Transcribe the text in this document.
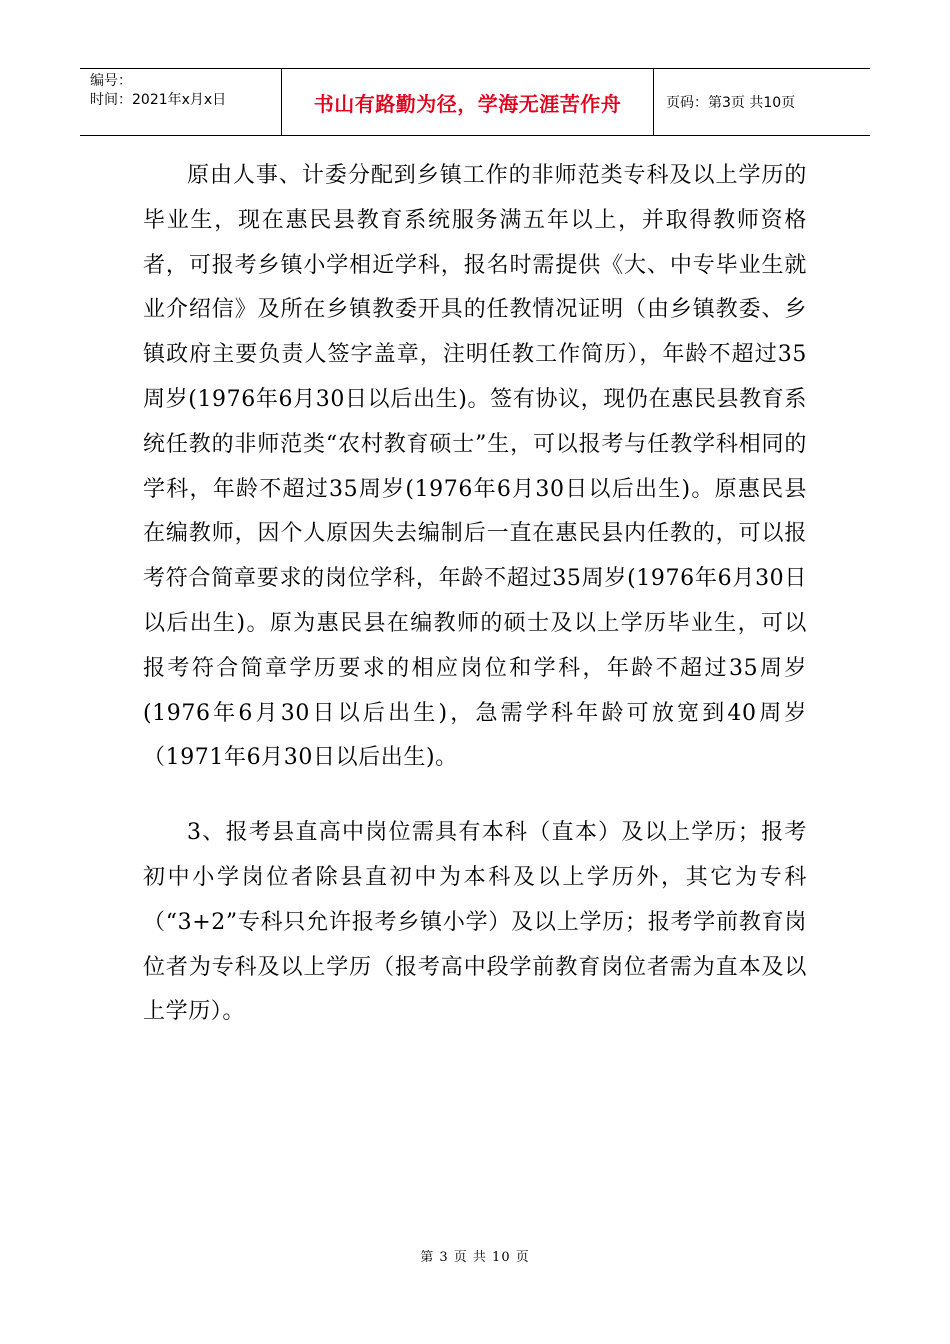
编号：
时间：2021年x月x日	书山有路勤为径，学海无涯苦作舟	页码：第3页 共10页

原由人事、计委分配到乡镇工作的非师范类专科及以上学历的毕业生，现在惠民县教育系统服务满五年以上，并取得教师资格者，可报考乡镇小学相近学科，报名时需提供《大、中专毕业生就业介绍信》及所在乡镇教委开具的任教情况证明（由乡镇教委、乡镇政府主要负责人签字盖章，注明任教工作简历），年龄不超过35周岁(1976年6月30日以后出生)。签有协议，现仍在惠民县教育系统任教的非师范类“农村教育硕士”生，可以报考与任教学科相同的学科，年龄不超过35周岁(1976年6月30日以后出生)。原惠民县在编教师，因个人原因失去编制后一直在惠民县内任教的，可以报考符合简章要求的岗位学科，年龄不超过35周岁(1976年6月30日以后出生)。原为惠民县在编教师的硕士及以上学历毕业生，可以报考符合简章学历要求的相应岗位和学科，年龄不超过35周岁(1976年6月30日以后出生)，急需学科年龄可放宽到40周岁（1971年6月30日以后出生)。

3、报考县直高中岗位需具有本科（直本）及以上学历；报考初中小学岗位者除县直初中为本科及以上学历外，其它为专科（“3+2”专科只允许报考乡镇小学）及以上学历；报考学前教育岗位者为专科及以上学历（报考高中段学前教育岗位者需为直本及以上学历）。

第 3 页 共 10 页
